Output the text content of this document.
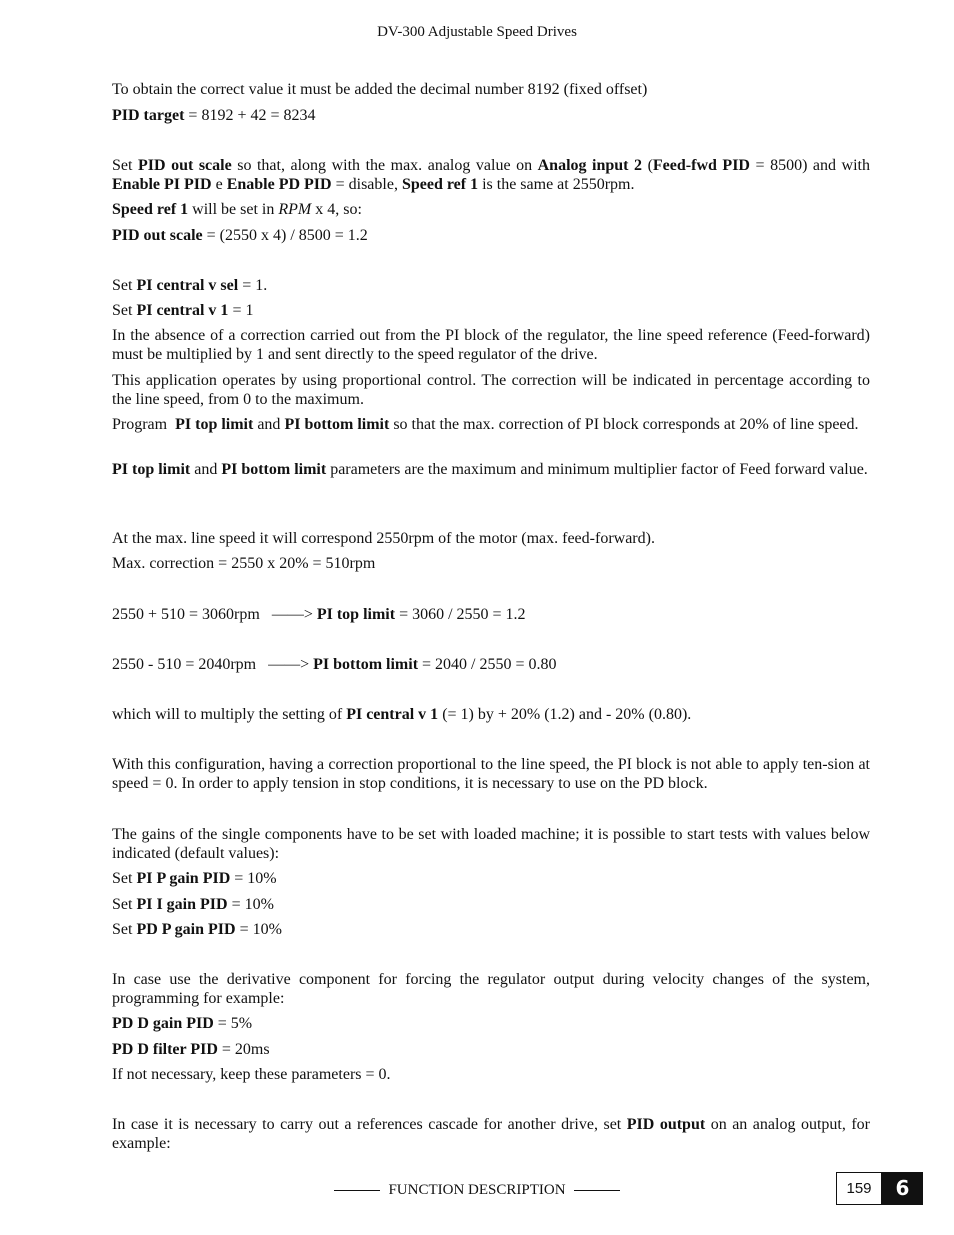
DV-300 Adjustable Speed Drives

To obtain the correct value it must be added the decimal number 8192 (fixed offset)

PID target = 8192 + 42 = 8234

Set PID out scale so that, along with the max. analog value on Analog input 2 (Feed-fwd PID = 8500) and with Enable PI PID e Enable PD PID = disable, Speed ref 1 is the same at 2550rpm.

Speed ref 1 will be set in RPM x 4, so:

PID out scale = (2550 x 4) / 8500 = 1.2

Set PI central v sel = 1.

Set PI central v 1 = 1

In the absence of a correction carried out from the PI block of the regulator, the line speed reference (Feed-forward) must be multiplied by 1 and sent directly to the speed regulator of the drive.

This application operates by using proportional control. The correction will be indicated in percentage according to the line speed, from 0 to the maximum.

Program  PI top limit and PI bottom limit so that the max. correction of PI block corresponds at 20% of line speed.

PI top limit and PI bottom limit parameters are the maximum and minimum multiplier factor of Feed forward value.

At the max. line speed it will correspond 2550rpm of the motor (max. feed-forward).

Max. correction = 2550 x 20% = 510rpm

2550 + 510 = 3060rpm   ——> PI top limit = 3060 / 2550 = 1.2

2550 - 510 = 2040rpm   ——> PI bottom limit = 2040 / 2550 = 0.80

which will to multiply the setting of PI central v 1 (= 1) by + 20% (1.2) and - 20% (0.80).

With this configuration, having a correction proportional to the line speed, the PI block is not able to apply ten-sion at speed = 0. In order to apply tension in stop conditions, it is necessary to use on the PD block.

The gains of the single components have to be set with loaded machine; it is possible to start tests with values below indicated (default values):

Set PI P gain PID = 10%

Set PI I gain PID = 10%

Set PD P gain PID = 10%

In case use the derivative component for forcing the regulator output during velocity changes of the system, programming for example:

PD D gain PID = 5%

PD D filter PID = 20ms

If not necessary, keep these parameters = 0.

In case it is necessary to carry out a references cascade for another drive, set PID output on an analog output, for example:

FUNCTION DESCRIPTION	159	6
